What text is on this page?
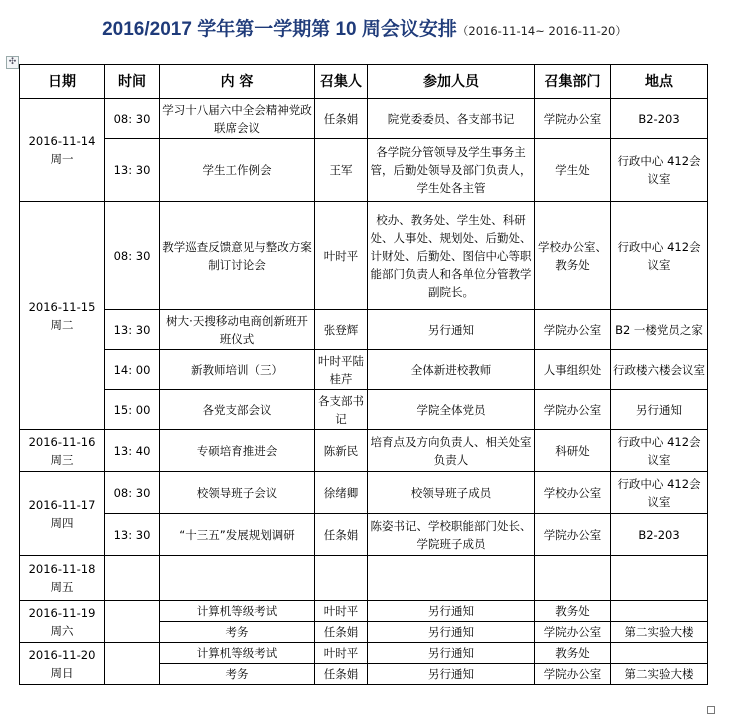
2016/2017 学年第一学期第 10 周会议安排（2016-11-14~ 2016-11-20）
✣
日期	时间	内 容	召集人	参加人员	召集部门	地点

2016-11-14
周一	08: 30	学习十八届六中全会精神党政联席会议	任条娟	院党委委员、各支部书记	学院办公室	B2-203
	13: 30	学生工作例会	王军	各学院分管领导及学生事务主管，后勤处领导及部门负责人，学生处各主管	学生处	行政中心 412会议室

2016-11-15
周二	08: 30	教学巡查反馈意见与整改方案制订讨论会	叶时平	校办、教务处、学生处、科研处、人事处、规划处、后勤处、计财处、后勤处、图信中心等职能部门负责人和各单位分管教学副院长。	学校办公室、教务处	行政中心 412会议室
	13: 30	树大·天搜移动电商创新班开班仪式	张登辉	另行通知	学院办公室	B2 一楼党员之家
	14: 00	新教师培训（三）	叶时平陆桂芹	全体新进校教师	人事组织处	行政楼六楼会议室
	15: 00	各党支部会议	各支部书记	学院全体党员	学院办公室	另行通知

2016-11-16
周三	13: 40	专硕培育推进会	陈新民	培育点及方向负责人、相关处室负责人	科研处	行政中心 412会议室

2016-11-17
周四	08: 30	校领导班子会议	徐绪卿	校领导班子成员	学校办公室	行政中心 412会议室
	13: 30	“十三五”发展规划调研	任条娟	陈姿书记、学校职能部门处长、学院班子成员	学院办公室	B2-203

2016-11-18
周五						

2016-11-19
周六		计算机等级考试	叶时平	另行通知	教务处	
		考务	任条娟	另行通知	学院办公室	第二实验大楼

2016-11-20
周日		计算机等级考试	叶时平	另行通知	教务处	
		考务	任条娟	另行通知	学院办公室	第二实验大楼
